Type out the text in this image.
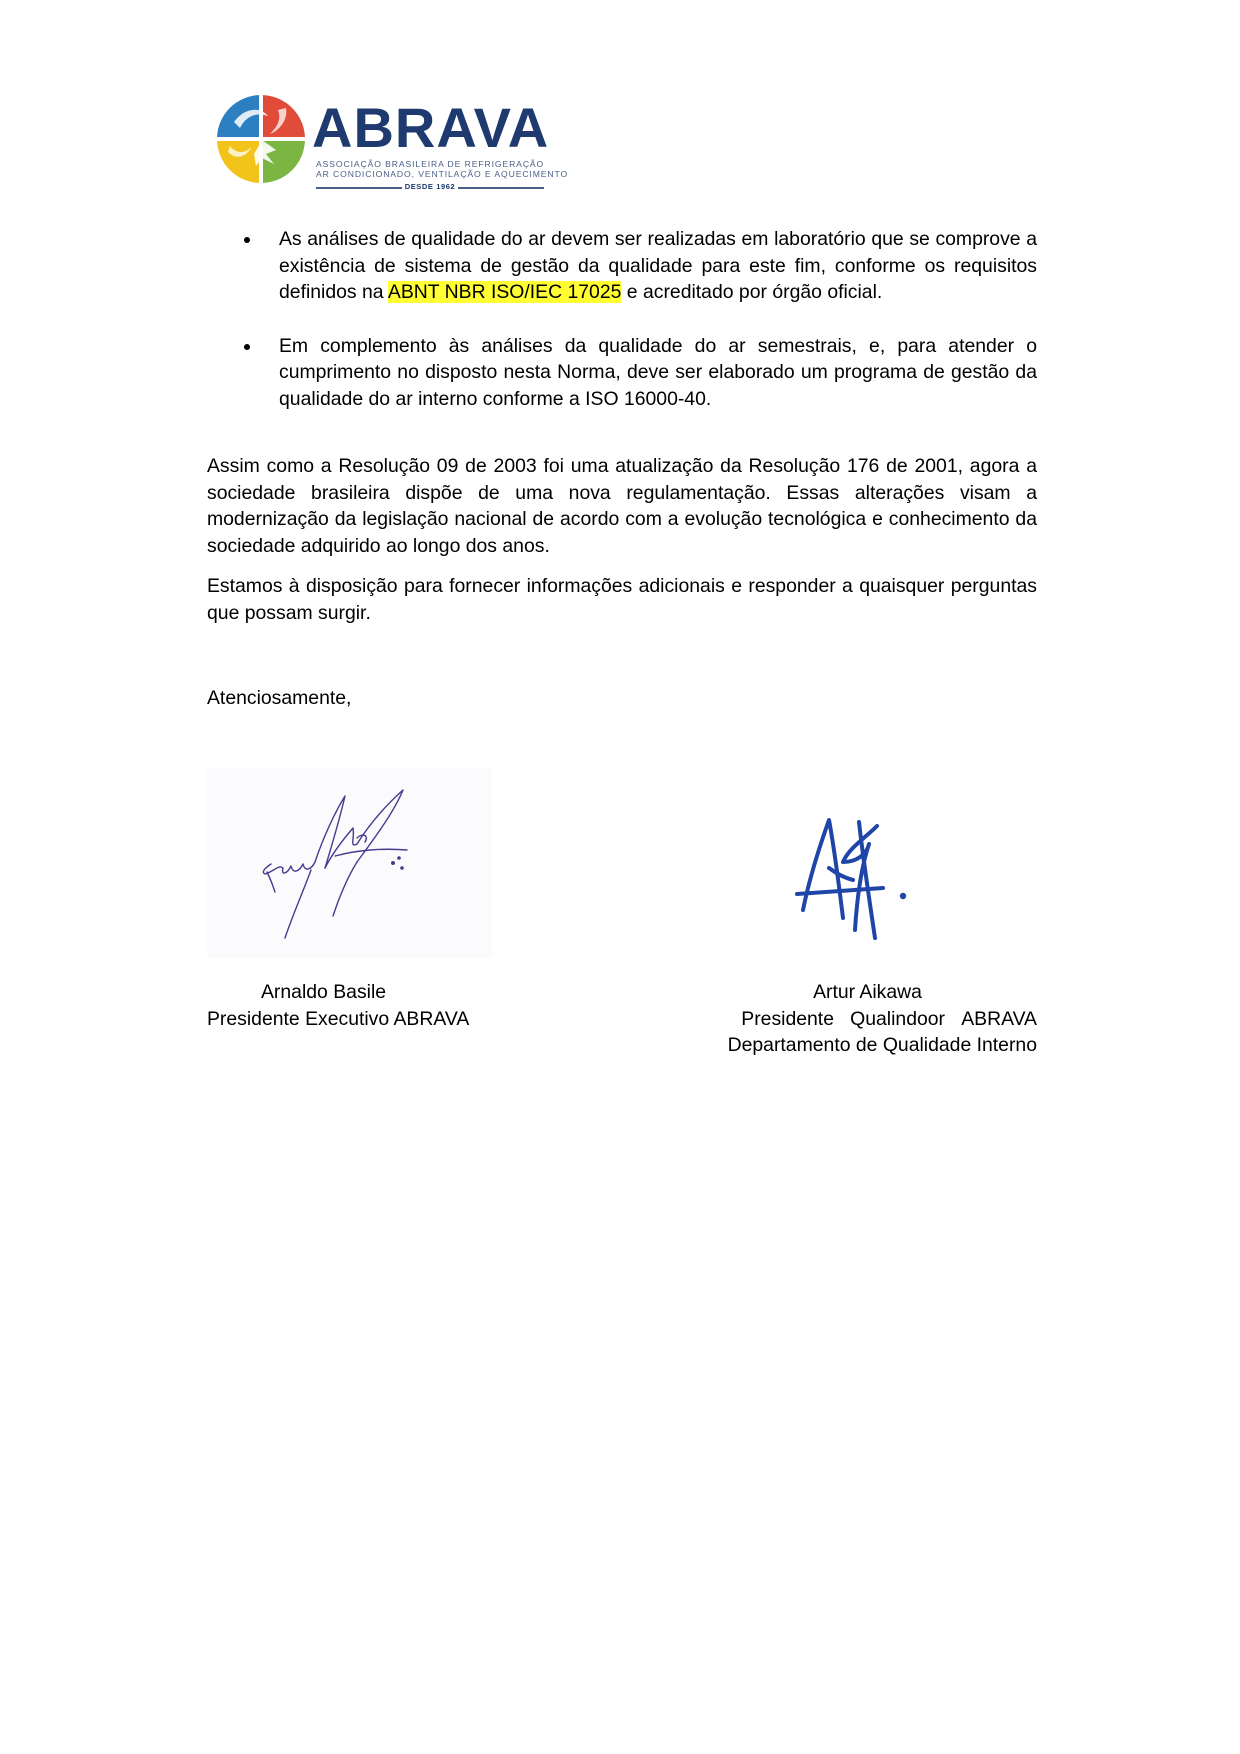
ABRAVA
ASSOCIAÇÃO BRASILEIRA DE REFRIGERAÇÃO
AR CONDICIONADO, VENTILAÇÃO E AQUECIMENTO
DESDE 1962
As análises de qualidade do ar devem ser realizadas em laboratório que se comprove a existência de sistema de gestão da qualidade para este fim, conforme os requisitos definidos na ABNT NBR ISO/IEC 17025 e acreditado por órgão oficial.
Em complemento às análises da qualidade do ar semestrais, e, para atender o cumprimento no disposto nesta Norma, deve ser elaborado um programa de gestão da qualidade do ar interno conforme a ISO 16000-40.

Assim como a Resolução 09 de 2003 foi uma atualização da Resolução 176 de 2001, agora a sociedade brasileira dispõe de uma nova regulamentação. Essas alterações visam a modernização da legislação nacional de acordo com a evolução tecnológica e conhecimento da sociedade adquirido ao longo dos anos.

Estamos à disposição para fornecer informações adicionais e responder a quaisquer perguntas que possam surgir.

Atenciosamente,

Arnaldo Basile
Presidente Executivo ABRAVA
Artur Aikawa
Presidente Qualindoor ABRAVA
Departamento de Qualidade Interno
